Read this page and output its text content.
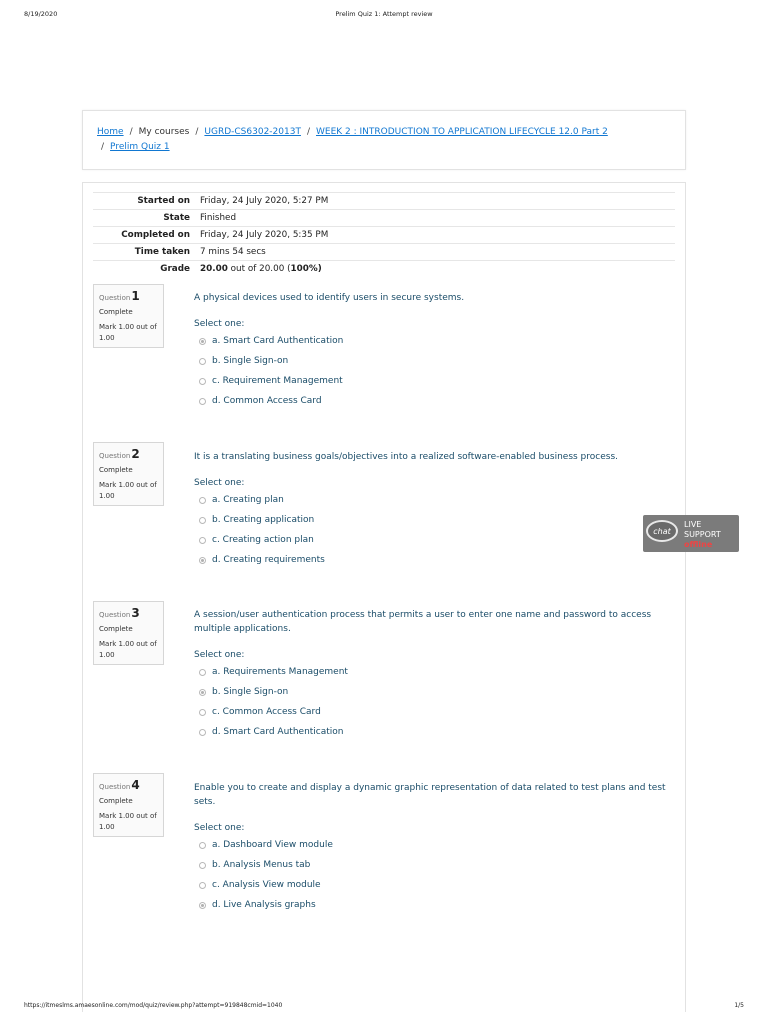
8/19/2020	Prelim Quiz 1: Attempt review
Home / My courses / UGRD-CS6302-2013T / WEEK 2 : INTRODUCTION TO APPLICATION LIFECYCLE 12.0 Part 2
/ Prelim Quiz 1
Started on	Friday, 24 July 2020, 5:27 PM
State	Finished
Completed on	Friday, 24 July 2020, 5:35 PM
Time taken	7 mins 54 secs
Grade	20.00 out of 20.00 (100%)
Question1
Complete
Mark 1.00 out of 1.00
A physical devices used to identify users in secure systems.
Select one:
a. Smart Card Authentication
b. Single Sign-on
c. Requirement Management
d. Common Access Card
Question2
Complete
Mark 1.00 out of 1.00
It is a translating business goals/objectives into a realized software-enabled business process.
Select one:
a. Creating plan
b. Creating application
c. Creating action plan
d. Creating requirements
Question3
Complete
Mark 1.00 out of 1.00
A session/user authentication process that permits a user to enter one name and password to access multiple applications.
Select one:
a. Requirements Management
b. Single Sign-on
c. Common Access Card
d. Smart Card Authentication
Question4
Complete
Mark 1.00 out of 1.00
Enable you to create and display a dynamic graphic representation of data related to test plans and test sets.
Select one:
a. Dashboard View module
b. Analysis Menus tab
c. Analysis View module
d. Live Analysis graphs
chat
LIVE
SUPPORT
offline
https://itmeslms.amaesonline.com/mod/quiz/review.php?attempt=919848cmid=1040	1/5
